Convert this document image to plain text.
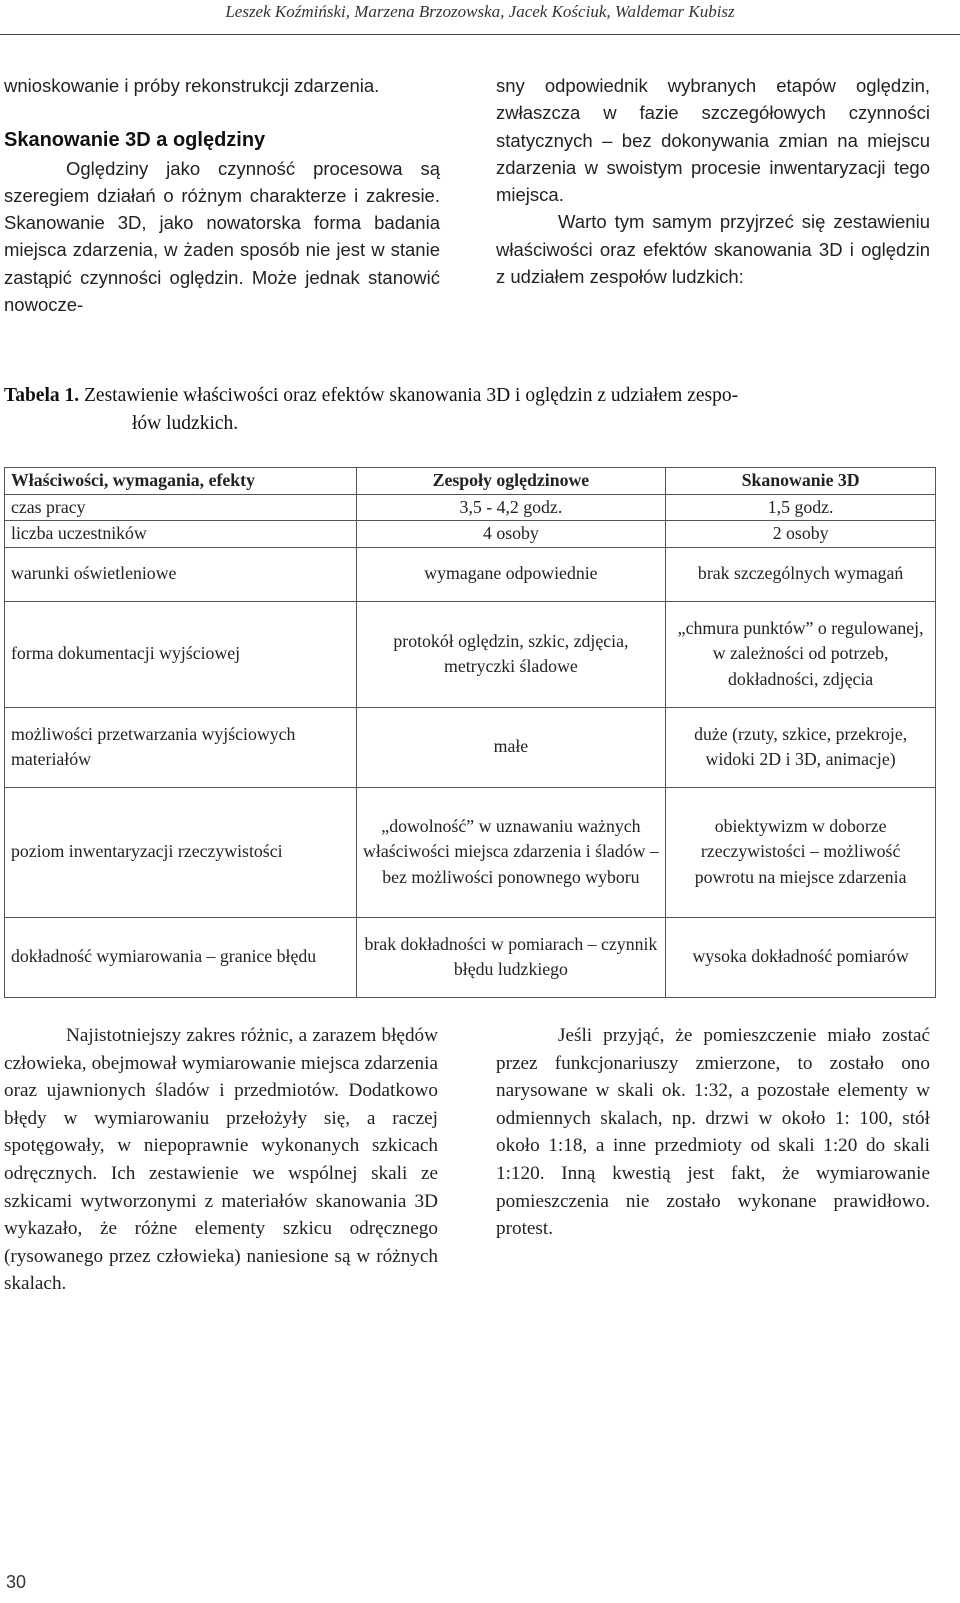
Leszek Koźmiński, Marzena Brzozowska, Jacek Kościuk, Waldemar Kubisz

wnioskowanie i próby rekonstrukcji zdarzenia.

Skanowanie 3D a oględziny

Oględziny jako czynność procesowa są szeregiem działań o różnym charakterze i zakresie. Skanowanie 3D, jako nowatorska forma badania miejsca zdarzenia, w żaden sposób nie jest w stanie zastąpić czynności oględzin. Może jednak stanowić nowocze-

sny odpowiednik wybranych etapów oględzin, zwłaszcza w fazie szczegółowych czynności statycznych – bez dokonywania zmian na miejscu zdarzenia w swoistym procesie inwentaryzacji tego miejsca.

Warto tym samym przyjrzeć się zestawieniu właściwości oraz efektów skanowania 3D i oględzin z udziałem zespołów ludzkich:

Tabela 1. Zestawienie właściwości oraz efektów skanowania 3D i oględzin z udziałem zespo-
łów ludzkich.
Właściwości, wymagania, efekty	Zespoły oględzinowe	Skanowanie 3D
czas pracy	3,5 - 4,2 godz.	1,5 godz.
liczba uczestników	4 osoby	2 osoby
warunki oświetleniowe	wymagane odpowiednie	brak szczególnych wymagań
forma dokumentacji wyjściowej	protokół oględzin, szkic, zdjęcia, metryczki śladowe	„chmura punktów” o regulowanej, w zależności od potrzeb, dokładności, zdjęcia
możliwości przetwarzania wyjściowych materiałów	małe	duże (rzuty, szkice, przekroje, widoki 2D i 3D, animacje)
poziom inwentaryzacji rzeczywistości	„dowolność” w uznawaniu ważnych właściwości miejsca zdarzenia i śladów – bez możliwości ponownego wyboru	obiektywizm w doborze rzeczywistości – możliwość powrotu na miejsce zdarzenia
dokładność wymiarowania – granice błędu	brak dokładności w pomiarach – czynnik błędu ludzkiego	wysoka dokładność pomiarów

Najistotniejszy zakres różnic, a zarazem błędów człowieka, obejmował wymiarowanie miejsca zdarzenia oraz ujawnionych śladów i przedmiotów. Dodatkowo błędy w wymiarowaniu przełożyły się, a raczej spotęgowały, w niepoprawnie wykonanych szkicach odręcznych. Ich zestawienie we wspólnej skali ze szkicami wytworzonymi z materiałów skanowania 3D wykazało, że różne elementy szkicu odręcznego (rysowanego przez człowieka) naniesione są w różnych skalach.

Jeśli przyjąć, że pomieszczenie miało zostać przez funkcjonariuszy zmierzone, to zostało ono narysowane w skali ok. 1:32, a pozostałe elementy w odmiennych skalach, np. drzwi w około 1: 100, stół około 1:18, a inne przedmioty od skali 1:20 do skali 1:120. Inną kwestią jest fakt, że wymiarowanie pomieszczenia nie zostało wykonane prawidłowo. protest.

30
